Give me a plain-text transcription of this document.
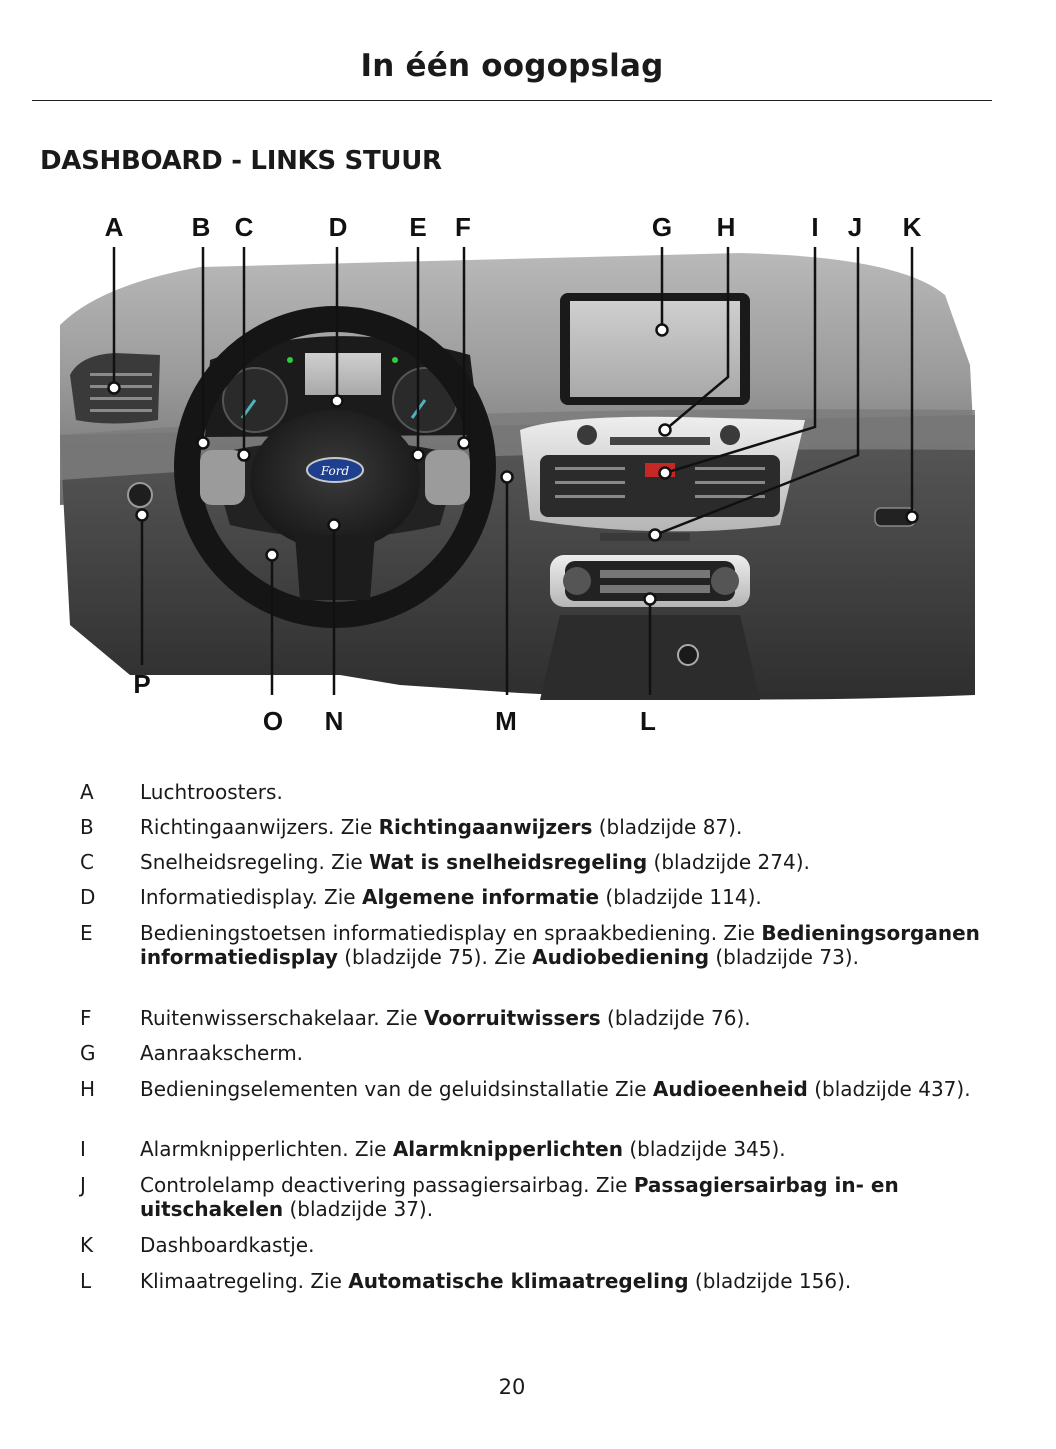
In één oogopslag
DASHBOARD - LINKS STUUR
Ford
A	B C	D E F	G H	I J K
P
O N	M	L
A	Luchtroosters.
B	Richtingaanwijzers. Zie Richtingaanwijzers (bladzijde 87).
C	Snelheidsregeling. Zie Wat is snelheidsregeling (bladzijde 274).
D Informatiedisplay. Zie Algemene informatie (bladzijde 114).
E	Bedieningstoetsen informatiedisplay en spraakbediening. Zie Bedieningsorganen informatiedisplay (bladzijde 75). Zie Audiobediening (bladzijde 73).
F	Ruitenwisserschakelaar. Zie Voorruitwissers (bladzijde 76).
G Aanraakscherm.
H Bedieningselementen van de geluidsinstallatie Zie Audioeenheid (bladzijde 437).
I	Alarmknipperlichten. Zie Alarmknipperlichten (bladzijde 345).
J	Controlelamp deactivering passagiersairbag. Zie Passagiersairbag in- en uitschakelen (bladzijde 37).
K	Dashboardkastje.
L	Klimaatregeling. Zie Automatische klimaatregeling (bladzijde 156).
20
